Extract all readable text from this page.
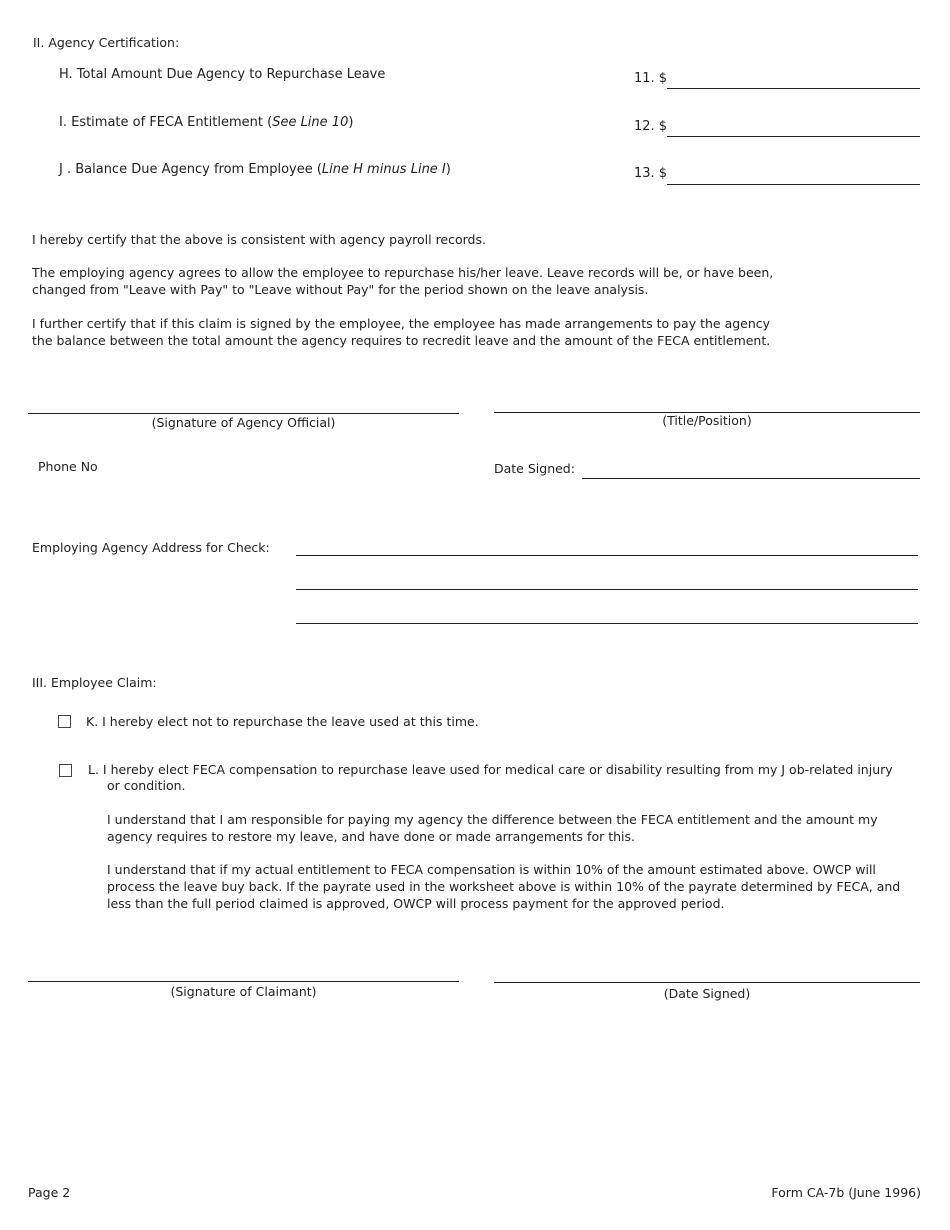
II. Agency Certification:
H. Total Amount Due Agency to Repurchase Leave	11. $
I. Estimate of FECA Entitlement (See Line 10)	12. $
J . Balance Due Agency from Employee (Line H minus Line I)	13. $
I hereby certify that the above is consistent with agency payroll records.
The employing agency agrees to allow the employee to repurchase his/her leave. Leave records will be, or have been, changed from "Leave with Pay" to "Leave without Pay" for the period shown on the leave analysis.
I further certify that if this claim is signed by the employee, the employee has made arrangements to pay the agency the balance between the total amount the agency requires to recredit leave and the amount of the FECA entitlement.
(Signature of Agency Official)	(Title/Position)
Phone No	Date Signed:
Employing Agency Address for Check:
III. Employee Claim:
K. I hereby elect not to repurchase the leave used at this time.
L. I hereby elect FECA compensation to repurchase leave used for medical care or disability resulting from my J ob-related injury
or condition.
I understand that I am responsible for paying my agency the difference between the FECA entitlement and the amount my agency requires to restore my leave, and have done or made arrangements for this.
I understand that if my actual entitlement to FECA compensation is within 10% of the amount estimated above. OWCP will process the leave buy back. If the payrate used in the worksheet above is within 10% of the payrate determined by FECA, and less than the full period claimed is approved, OWCP will process payment for the approved period.
(Signature of Claimant)	(Date Signed)
Page 2	Form CA-7b (June 1996)
